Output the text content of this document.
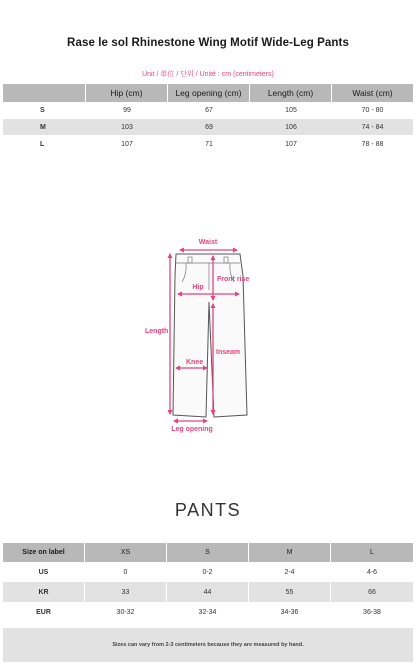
Rase le sol Rhinestone Wing Motif Wide-Leg Pants
Unit / 单位 / 단위 / Unité : cm (centimeters)
	Hip (cm)	Leg opening (cm)	Length (cm)	Waist (cm)
S	99	67	105	70 - 80
M	103	69	106	74 - 84
L	107	71	107	78 - 88
Waist
Hip
Front rise
Length
Inseam
Knee
Leg opening
PANTS
Size on label	XS	S	M	L
US	0	0-2	2-4	4-6
KR	33	44	55	66
EUR	30-32	32-34	34-36	36-38
Sizes can vary from 2-3 centimeters because they are measured by hand.
